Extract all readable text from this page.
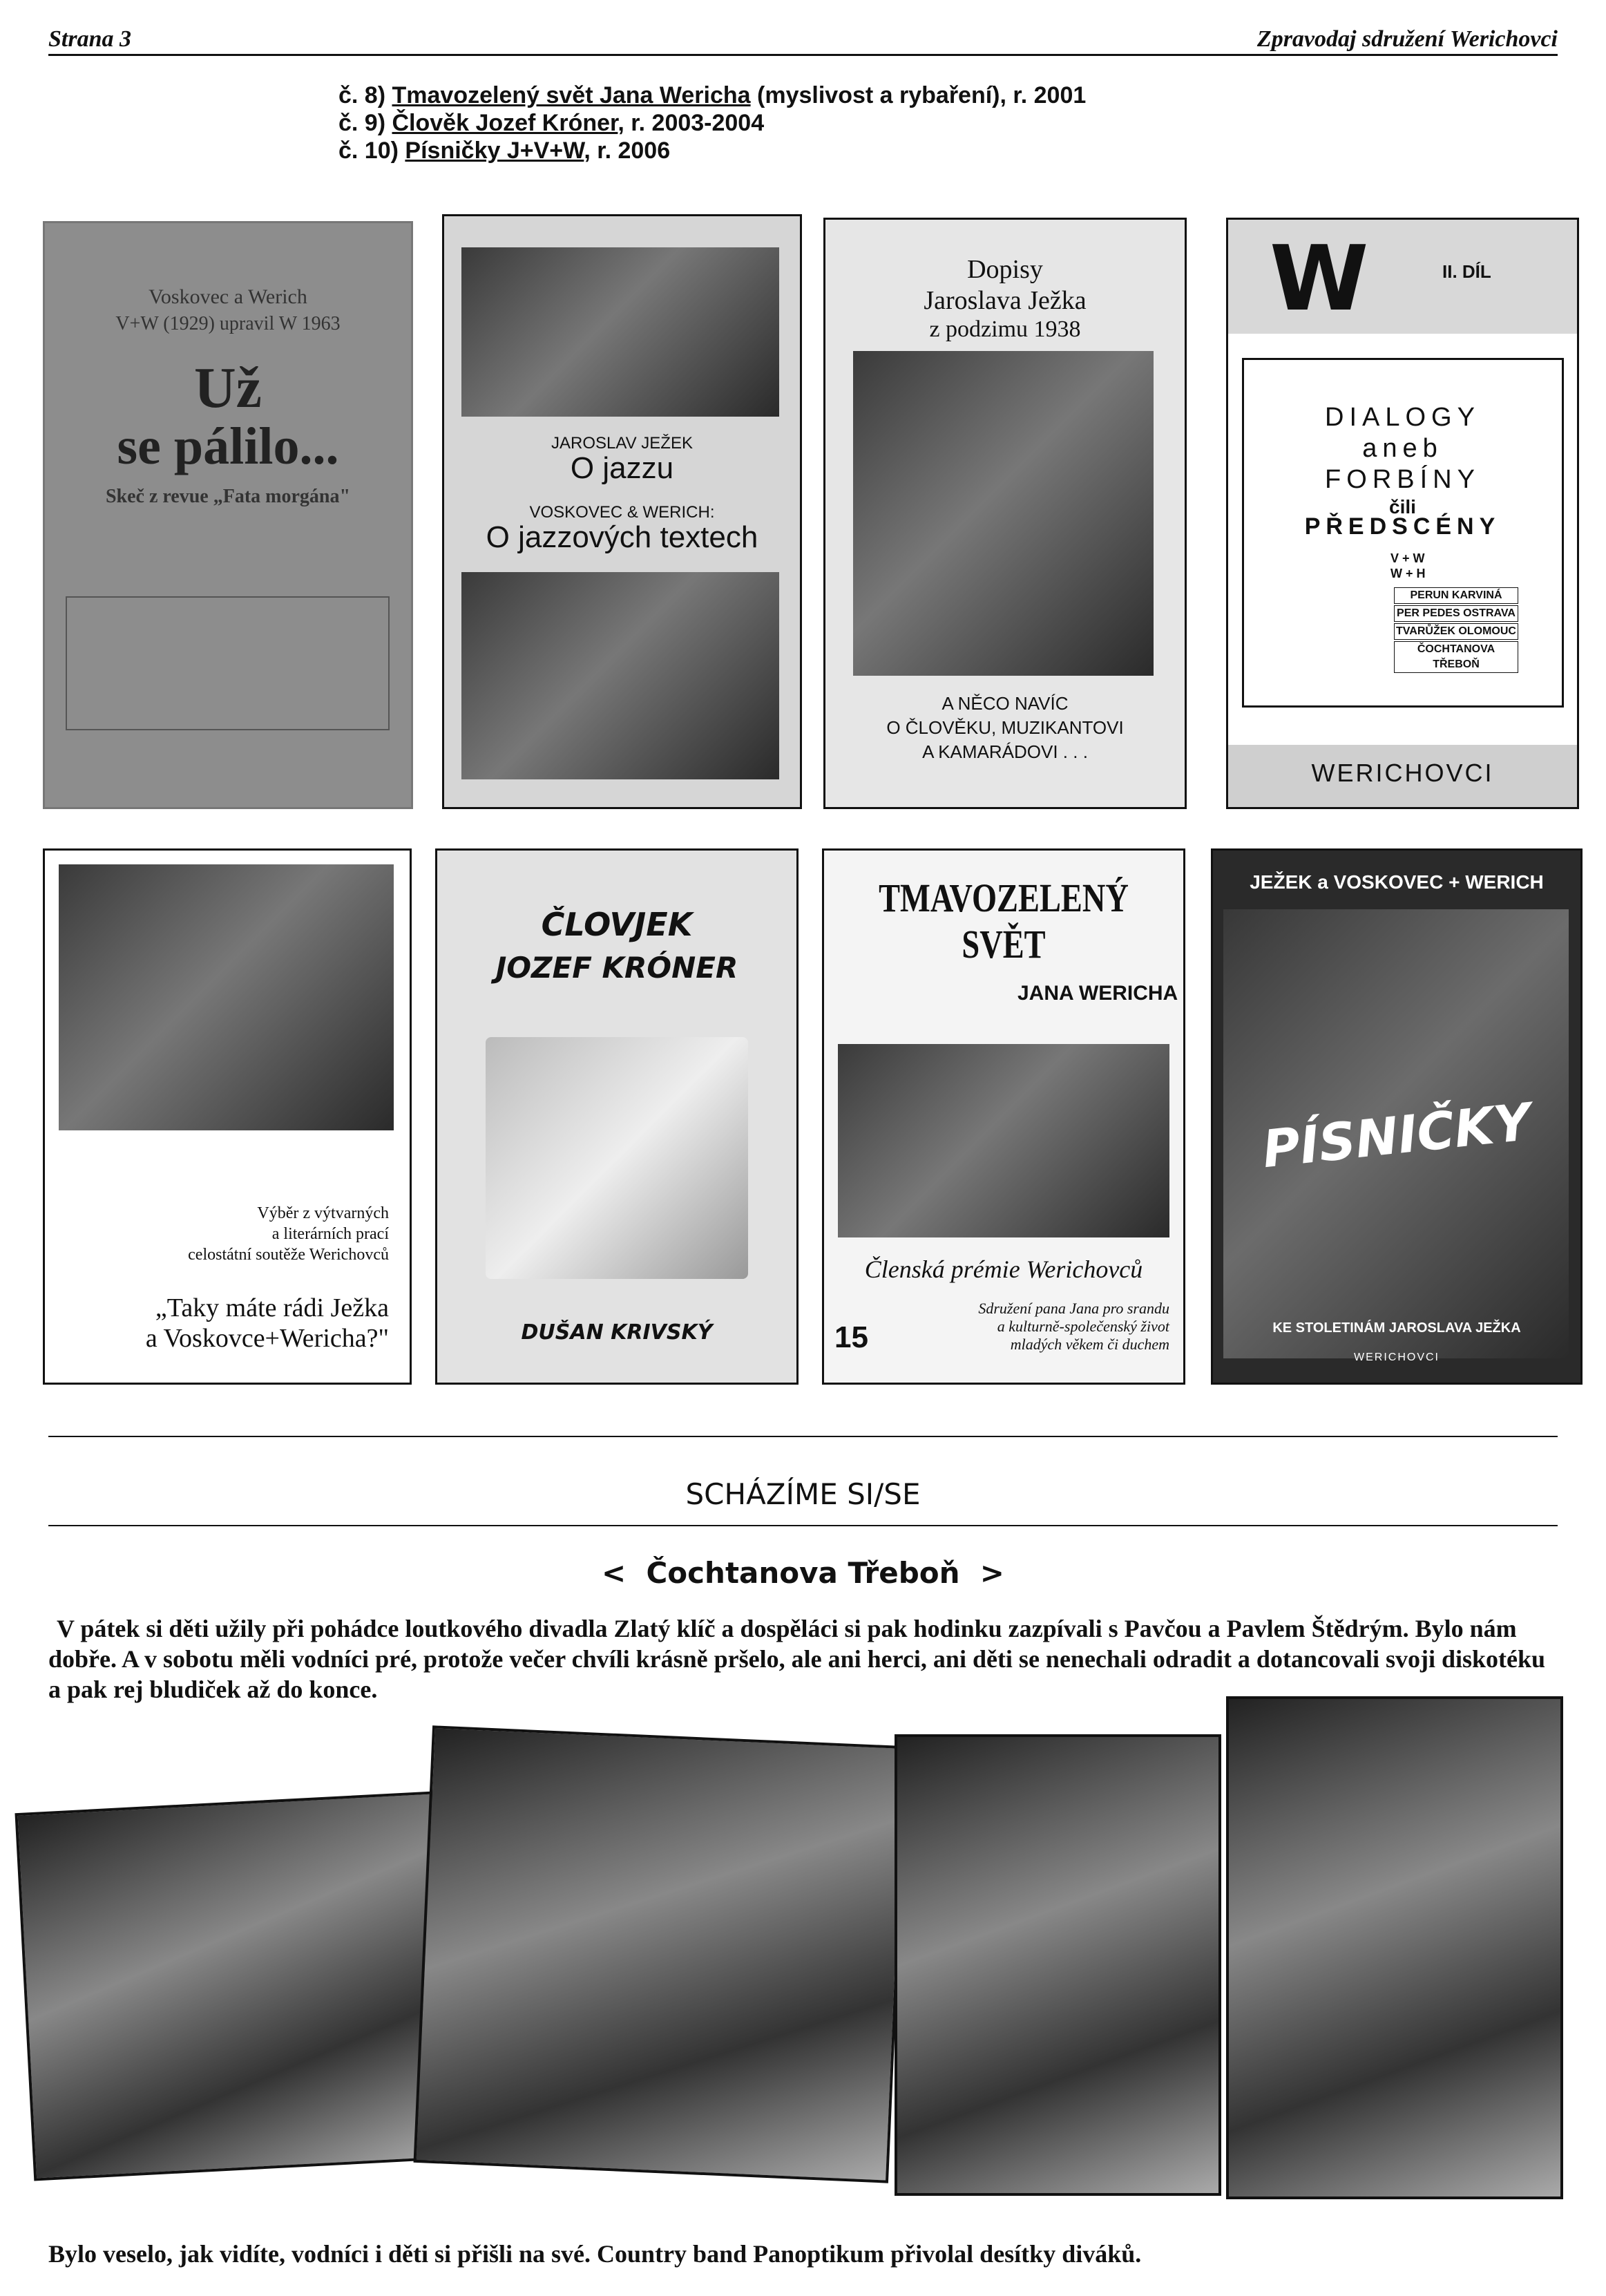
Strana 3	Zpravodaj sdružení Werichovci
č. 8) Tmavozelený svět Jana Wericha (myslivost a rybaření), r. 2001
č. 9) Člověk Jozef Króner, r. 2003-2004
č. 10) Písničky J+V+W, r. 2006
Voskovec a Werich
V+W (1929) upravil W 1963
Už
se pálilo...
Skeč z revue „Fata morgána"
JAROSLAV JEŽEK
O jazzu
VOSKOVEC & WERICH:
O jazzových textech
Dopisy
Jaroslava Ježka
z podzimu 1938
A NĚCO NAVÍC
O ČLOVĚKU, MUZIKANTOVI
A KAMARÁDOVI . . .
W	II. DÍL
DIALOGY
aneb
FORBÍNY
čili
PŘEDSCÉNY
V + W
W + H
PERUN KARVINÁ
PER PEDES OSTRAVA
TVARŮŽEK OLOMOUC
ČOCHTANOVA TŘEBOŇ
WERICHOVCI
Výběr z výtvarných
a literárních prací
celostátní soutěže Werichovců
„Taky máte rádi Ježka
a Voskovce+Wericha?"
ČLOVJEK
JOZEF KRÓNER
DUŠAN KRIVSKÝ
TMAVOZELENÝ SVĚT
JANA WERICHA
Členská prémie Werichovců
Sdružení pana Jana pro srandu
a kulturně-společenský život
mladých věkem či duchem
15
JEŽEK a VOSKOVEC + WERICH
PÍSNIČKY
KE STOLETINÁM JAROSLAVA JEŽKA
WERICHOVCI
SCHÁZÍME SI/SE
< Čochtanova Třeboň >
V pátek si děti užily při pohádce loutkového divadla Zlatý klíč a dospěláci si pak hodinku zazpívali s Pavčou a Pavlem Štědrým. Bylo nám dobře. A v sobotu měli vodníci pré, protože večer chvíli krásně pršelo, ale ani herci, ani děti se nenechali odradit a dotancovali svoji diskotéku a pak rej bludiček až do konce.
Bylo veselo, jak vidíte, vodníci i děti si přišli na své. Country band Panoptikum přivolal desítky diváků.
